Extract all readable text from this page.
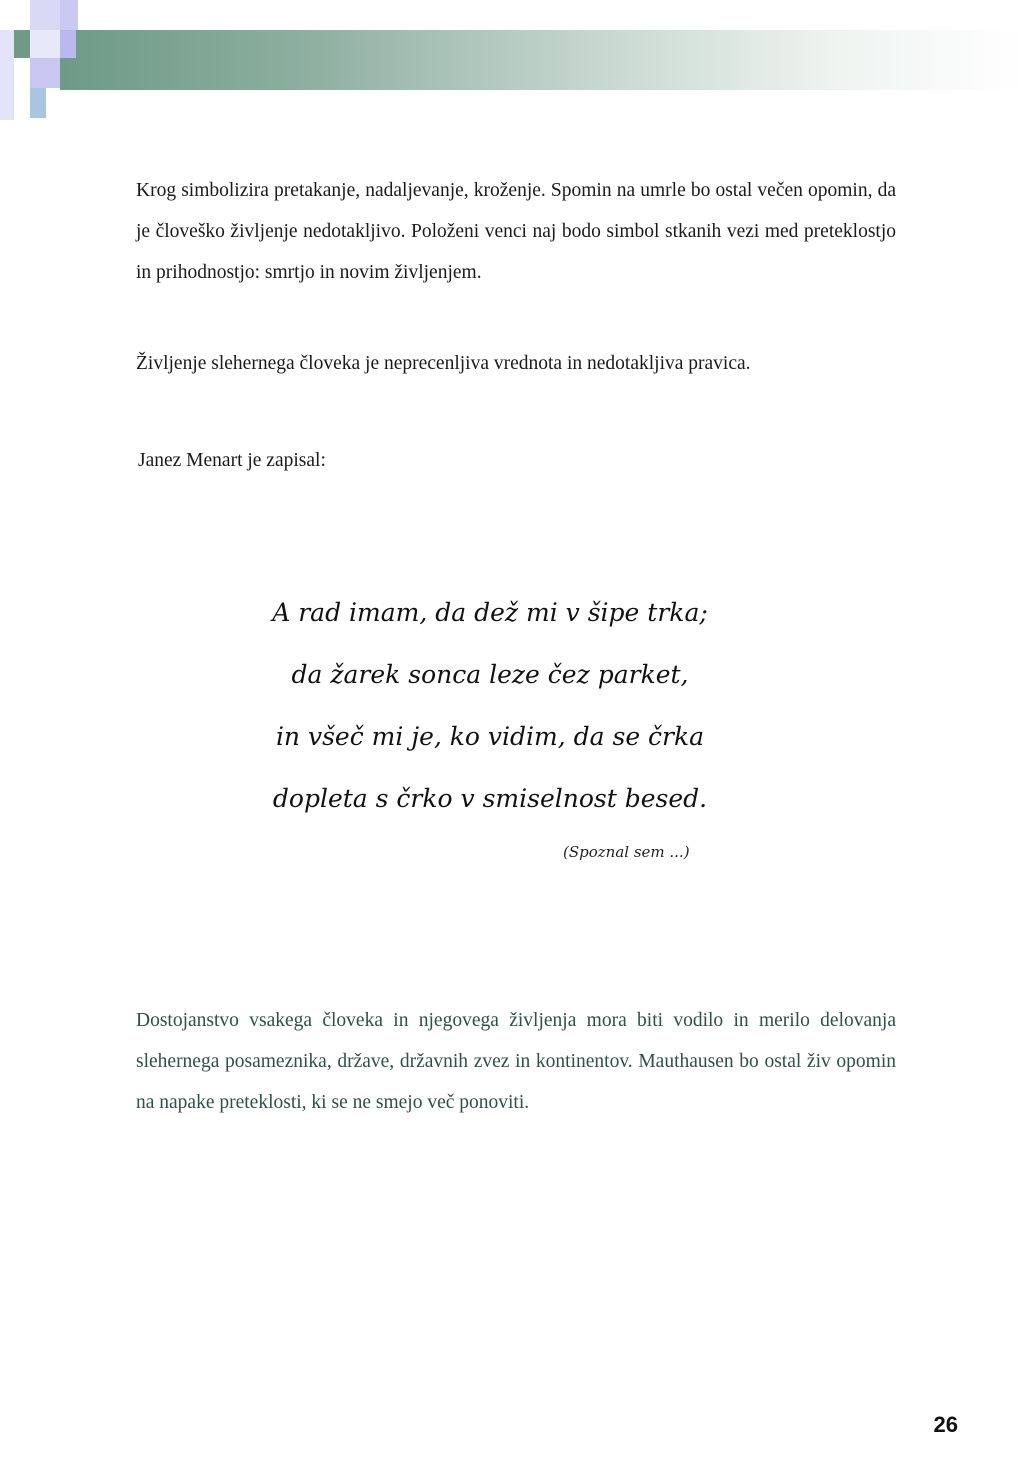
Krog simbolizira pretakanje, nadaljevanje, kroženje. Spomin na umrle bo ostal večen opomin, da je človeško življenje nedotakljivo. Položeni venci naj bodo simbol stkanih vezi med preteklostjo in prihodnostjo: smrtjo in novim življenjem.

Življenje slehernega človeka je neprecenljiva vrednota in nedotakljiva pravica.

Janez Menart je zapisal:

A rad imam, da dež mi v šipe trka;
da žarek sonca leze čez parket,
in všeč mi je, ko vidim, da se črka
dopleta s črko v smiselnost besed.
(Spoznal sem ...)

Dostojanstvo vsakega človeka in njegovega življenja mora biti vodilo in merilo delovanja slehernega posameznika, države, državnih zvez in kontinentov. Mauthausen bo ostal živ opomin na napake preteklosti, ki se ne smejo več ponoviti.

26
